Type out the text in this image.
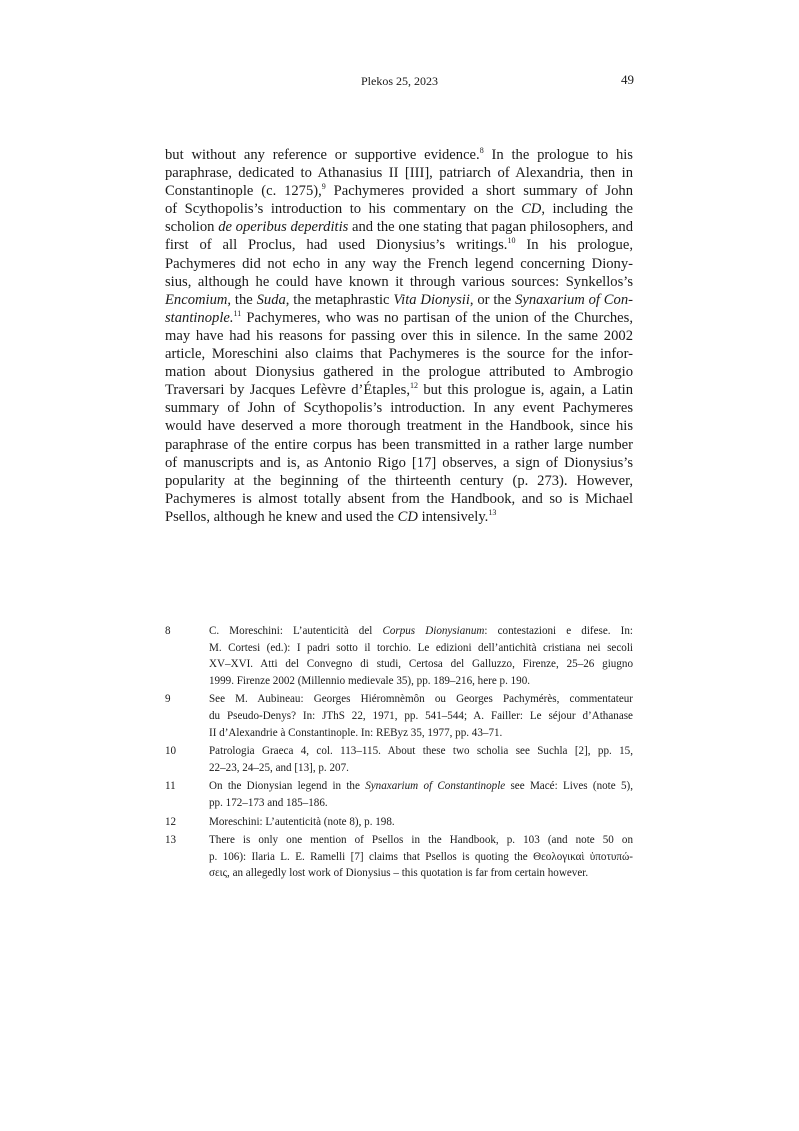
Plekos 25, 2023	49
but without any reference or supportive evidence.$^8$ In the prologue to his
paraphrase, dedicated to Athanasius II [III], patriarch of Alexandria, then in
Constantinople (c. 1275),$^9$ Pachymeres provided a short summary of John
of Scythopolis’s introduction to his commentary on the CD, including the
scholion de operibus deperditis and the one stating that pagan philosophers, and
first of all Proclus, had used Dionysius’s writings.$^{10}$ In his prologue,
Pachymeres did not echo in any way the French legend concerning Diony-
sius, although he could have known it through various sources: Synkellos’s
Encomium, the Suda, the metaphrastic Vita Dionysii, or the Synaxarium of Con-
stantinople.$^{11}$ Pachymeres, who was no partisan of the union of the Churches,
may have had his reasons for passing over this in silence. In the same 2002
article, Moreschini also claims that Pachymeres is the source for the infor-
mation about Dionysius gathered in the prologue attributed to Ambrogio
Traversari by Jacques Lefèvre d’Étaples,$^{12}$ but this prologue is, again, a Latin
summary of John of Scythopolis’s introduction. In any event Pachymeres
would have deserved a more thorough treatment in the Handbook, since his
paraphrase of the entire corpus has been transmitted in a rather large number
of manuscripts and is, as Antonio Rigo [17] observes, a sign of Dionysius’s
popularity at the beginning of the thirteenth century (p. 273). However,
Pachymeres is almost totally absent from the Handbook, and so is Michael
Psellos, although he knew and used the CD intensively.$^{13}$
8	C. Moreschini: L’autenticità del Corpus Dionysianum: contestazioni e difese. In:
M. Cortesi (ed.): I padri sotto il torchio. Le edizioni dell’antichità cristiana nei secoli
XV–XVI. Atti del Convegno di studi, Certosa del Galluzzo, Firenze, 25–26 giugno
1999. Firenze 2002 (Millennio medievale 35), pp. 189–216, here p. 190.
9	See M. Aubineau: Georges Hiéromnèmôn ou Georges Pachymérès, commentateur
du Pseudo-Denys? In: JThS 22, 1971, pp. 541–544; A. Failler: Le séjour d’Athanase
II d’Alexandrie à Constantinople. In: REByz 35, 1977, pp. 43–71.
10	Patrologia Graeca 4, col. 113–115. About these two scholia see Suchla [2], pp. 15,
22–23, 24–25, and [13], p. 207.
11	On the Dionysian legend in the Synaxarium of Constantinople see Macé: Lives (note 5),
pp. 172–173 and 185–186.
12	Moreschini: L’autenticità (note 8), p. 198.
13	There is only one mention of Psellos in the Handbook, p. 103 (and note 50 on
p. 106): Ilaria L. E. Ramelli [7] claims that Psellos is quoting the Θεολογικαὶ ὑποτυπώ-
σεις, an allegedly lost work of Dionysius – this quotation is far from certain however.
